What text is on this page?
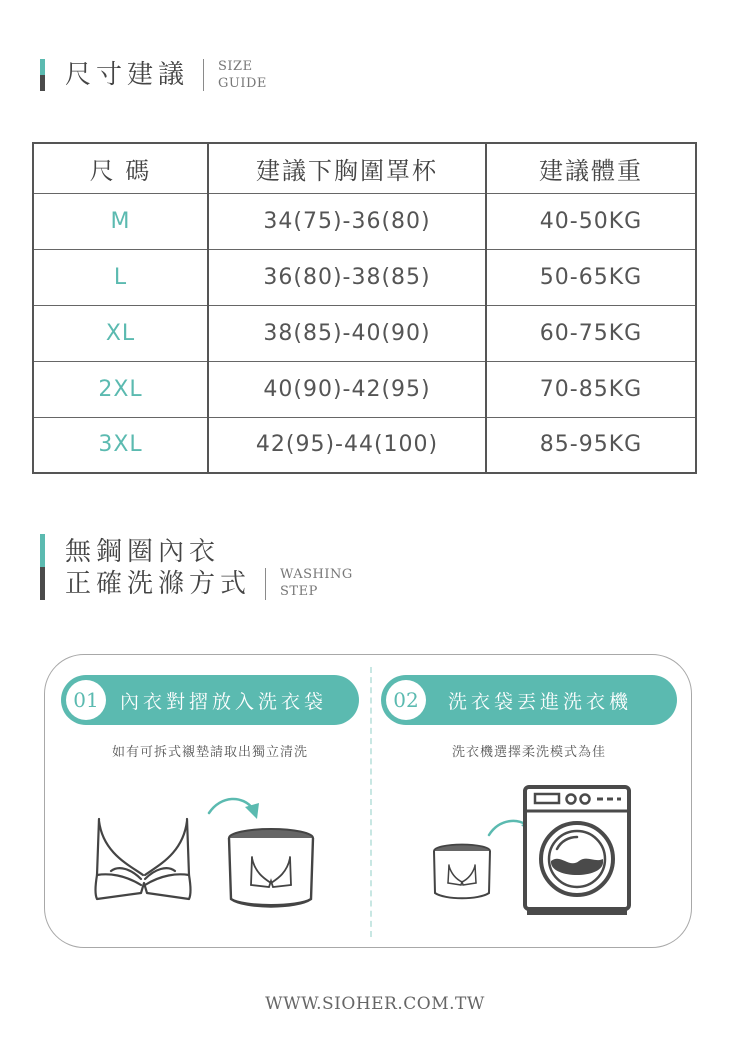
尺寸建議 SIZE
GUIDE
尺 碼	建議下胸圍罩杯	建議體重
M	34(75)-36(80)	40-50KG
L	36(80)-38(85)	50-65KG
XL	38(85)-40(90)	60-75KG
2XL	40(90)-42(95)	70-85KG
3XL	42(95)-44(100)	85-95KG
無鋼圈內衣
正確洗滌方式 WASHING
STEP
01	內衣對摺放入洗衣袋
如有可拆式襯墊請取出獨立清洗
02	洗衣袋丟進洗衣機
洗衣機選擇柔洗模式為佳
WWW.SIOHER.COM.TW
